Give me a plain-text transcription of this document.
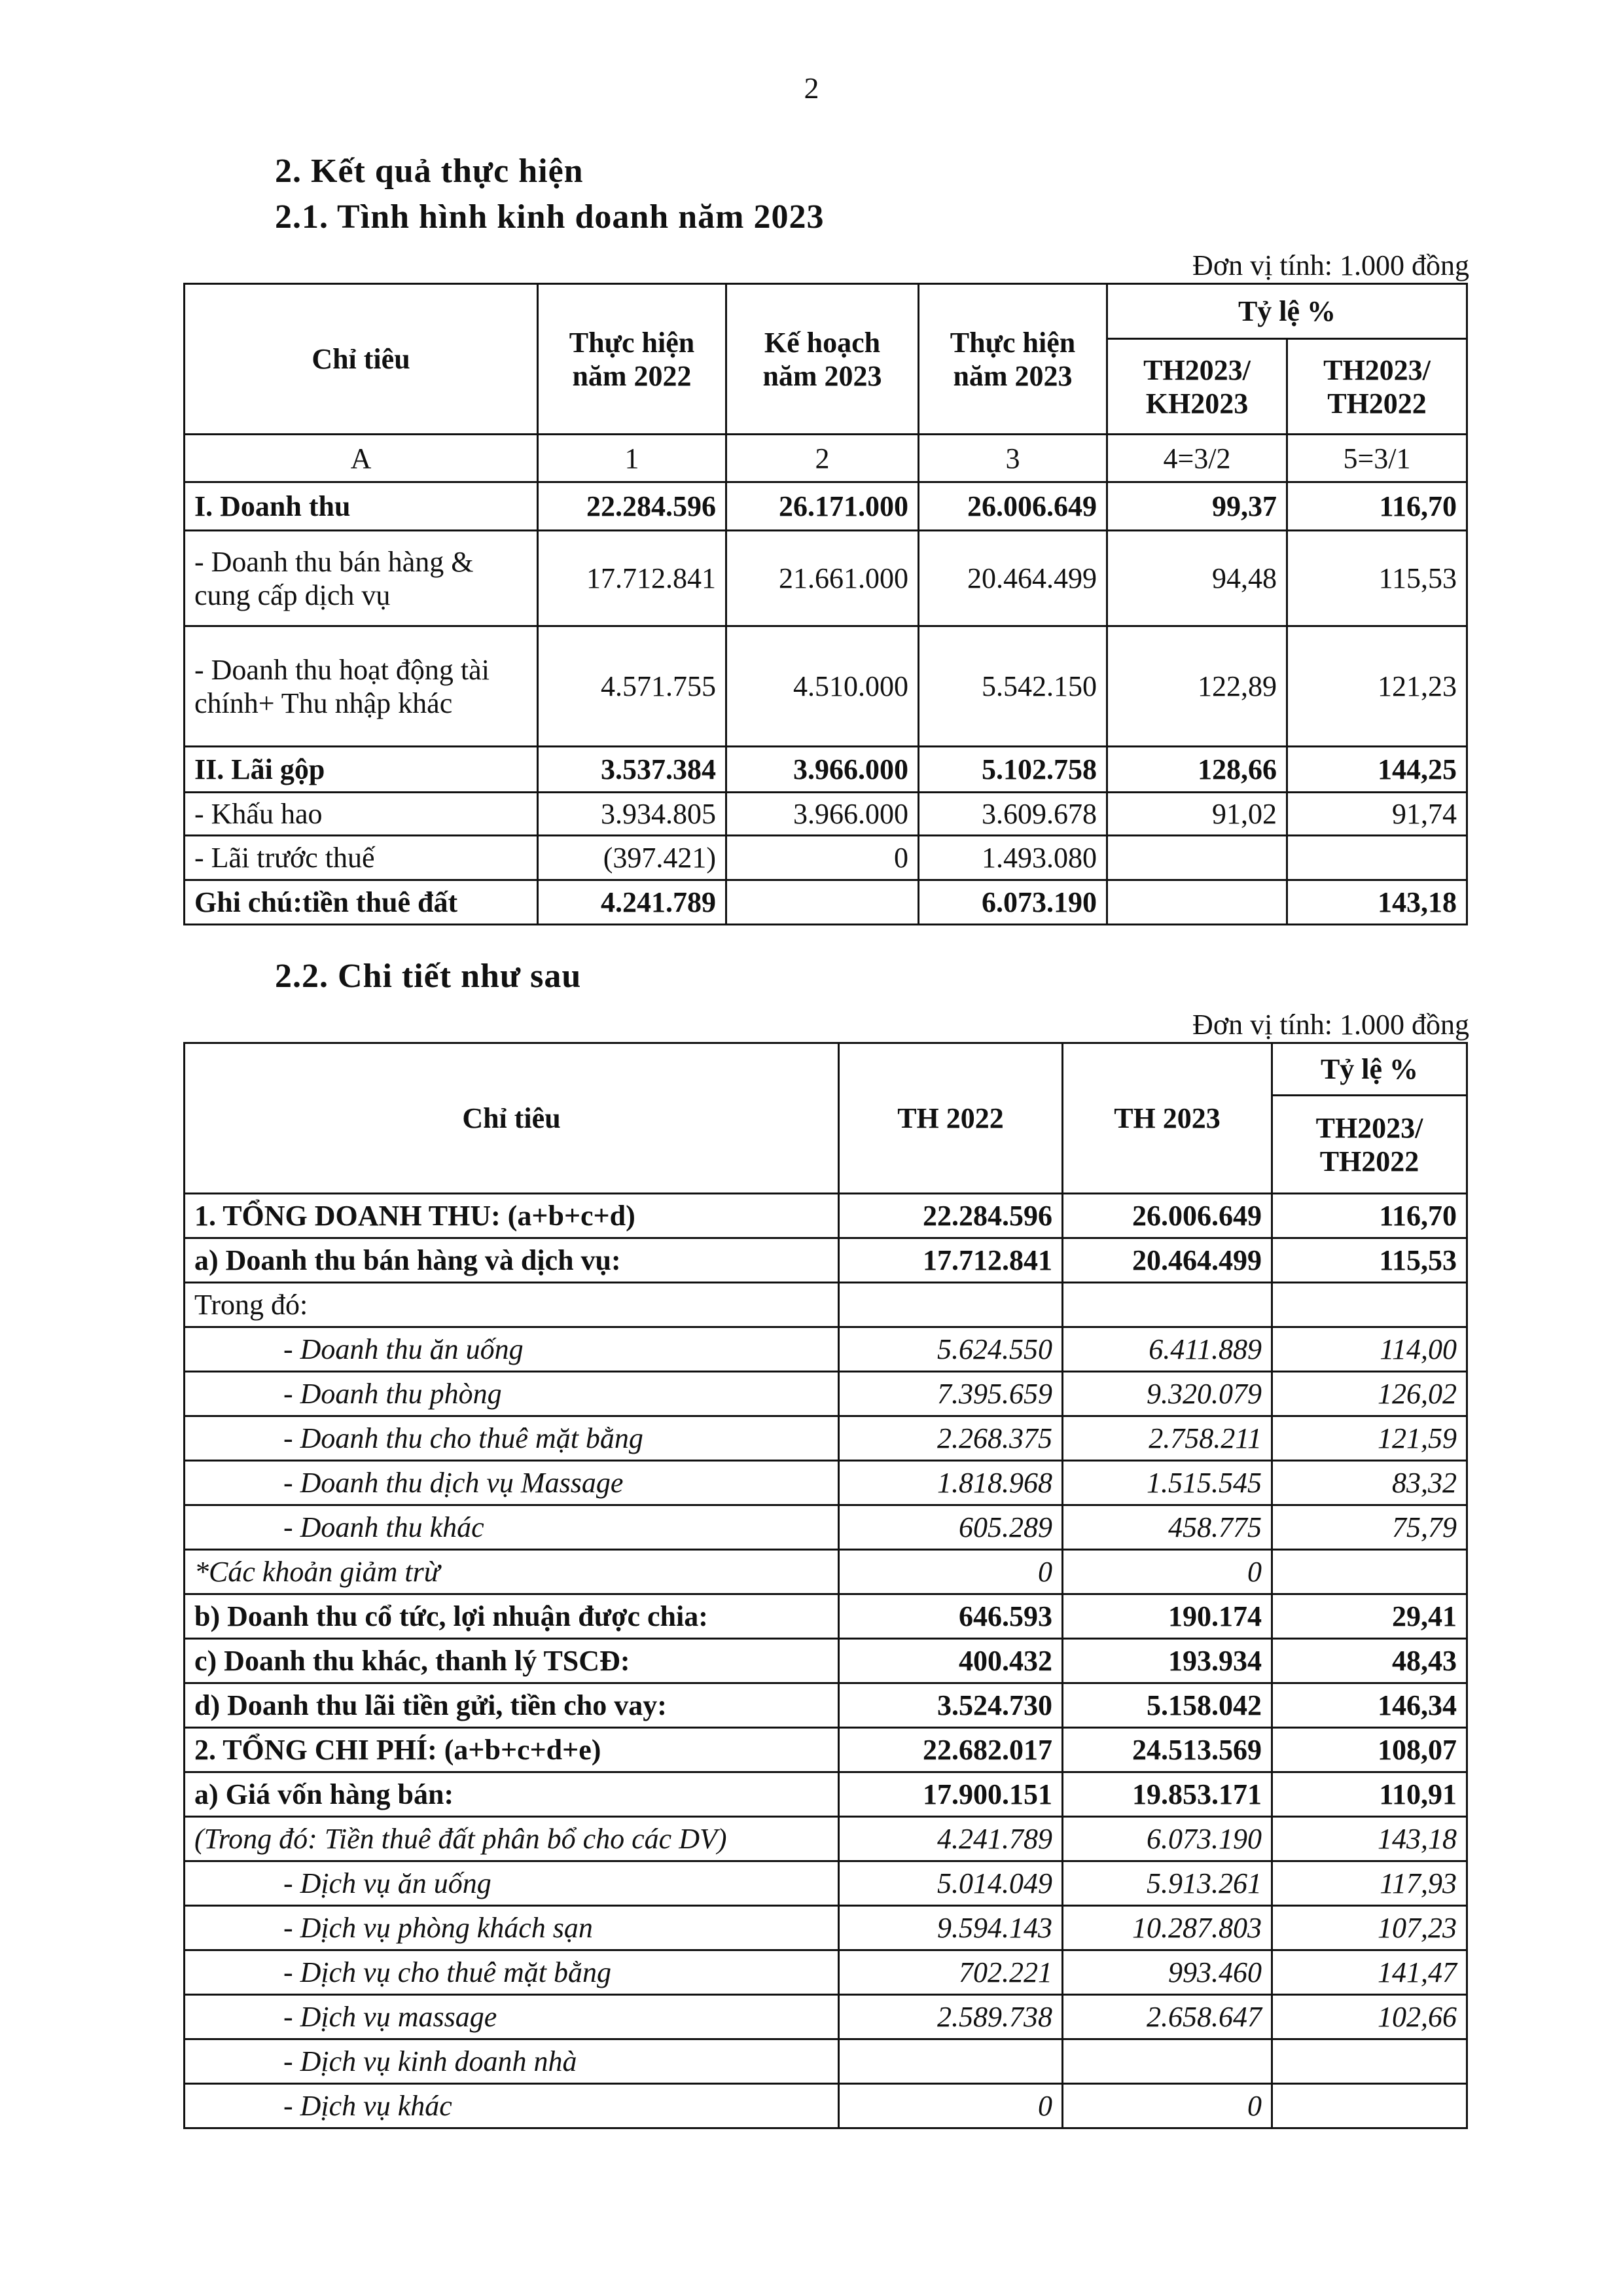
2
2. Kết quả thực hiện
2.1. Tình hình kinh doanh năm 2023
Đơn vị tính: 1.000 đồng
Chỉ tiêu	Thực hiện năm 2022	Kế hoạch năm 2023	Thực hiện năm 2023	Tỷ lệ %	
				TH2023/ KH2023	TH2023/ TH2022
A	1	2	3	4=3/2	5=3/1
I. Doanh thu	22.284.596	26.171.000	26.006.649	99,37	116,70
- Doanh thu bán hàng & cung cấp dịch vụ	17.712.841	21.661.000	20.464.499	94,48	115,53
- Doanh thu hoạt động tài chính+ Thu nhập khác	4.571.755	4.510.000	5.542.150	122,89	121,23
II. Lãi gộp	3.537.384	3.966.000	5.102.758	128,66	144,25
- Khấu hao	3.934.805	3.966.000	3.609.678	91,02	91,74
- Lãi trước thuế	(397.421)	0	1.493.080		
Ghi chú:tiền thuê đất	4.241.789		6.073.190		143,18
2.2. Chi tiết như sau
Đơn vị tính: 1.000 đồng
Chỉ tiêu	TH 2022	TH 2023	Tỷ lệ %
			TH2023/ TH2022
1. TỔNG DOANH THU: (a+b+c+d)	22.284.596	26.006.649	116,70
a) Doanh thu bán hàng và dịch vụ:	17.712.841	20.464.499	115,53
Trong đó:			
- Doanh thu ăn uống	5.624.550	6.411.889	114,00
- Doanh thu phòng	7.395.659	9.320.079	126,02
- Doanh thu cho thuê mặt bằng	2.268.375	2.758.211	121,59
- Doanh thu dịch vụ Massage	1.818.968	1.515.545	83,32
- Doanh thu khác	605.289	458.775	75,79
*Các khoản giảm trừ	0	0	
b) Doanh thu cổ tức, lợi nhuận được chia:	646.593	190.174	29,41
c) Doanh thu khác, thanh lý TSCĐ:	400.432	193.934	48,43
d) Doanh thu lãi tiền gửi, tiền cho vay:	3.524.730	5.158.042	146,34
2. TỔNG CHI PHÍ: (a+b+c+d+e)	22.682.017	24.513.569	108,07
a) Giá vốn hàng bán:	17.900.151	19.853.171	110,91
(Trong đó: Tiền thuê đất phân bổ cho các DV)	4.241.789	6.073.190	143,18
- Dịch vụ ăn uống	5.014.049	5.913.261	117,93
- Dịch vụ phòng khách sạn	9.594.143	10.287.803	107,23
- Dịch vụ cho thuê mặt bằng	702.221	993.460	141,47
- Dịch vụ massage	2.589.738	2.658.647	102,66
- Dịch vụ kinh doanh nhà			
- Dịch vụ khác	0	0	
